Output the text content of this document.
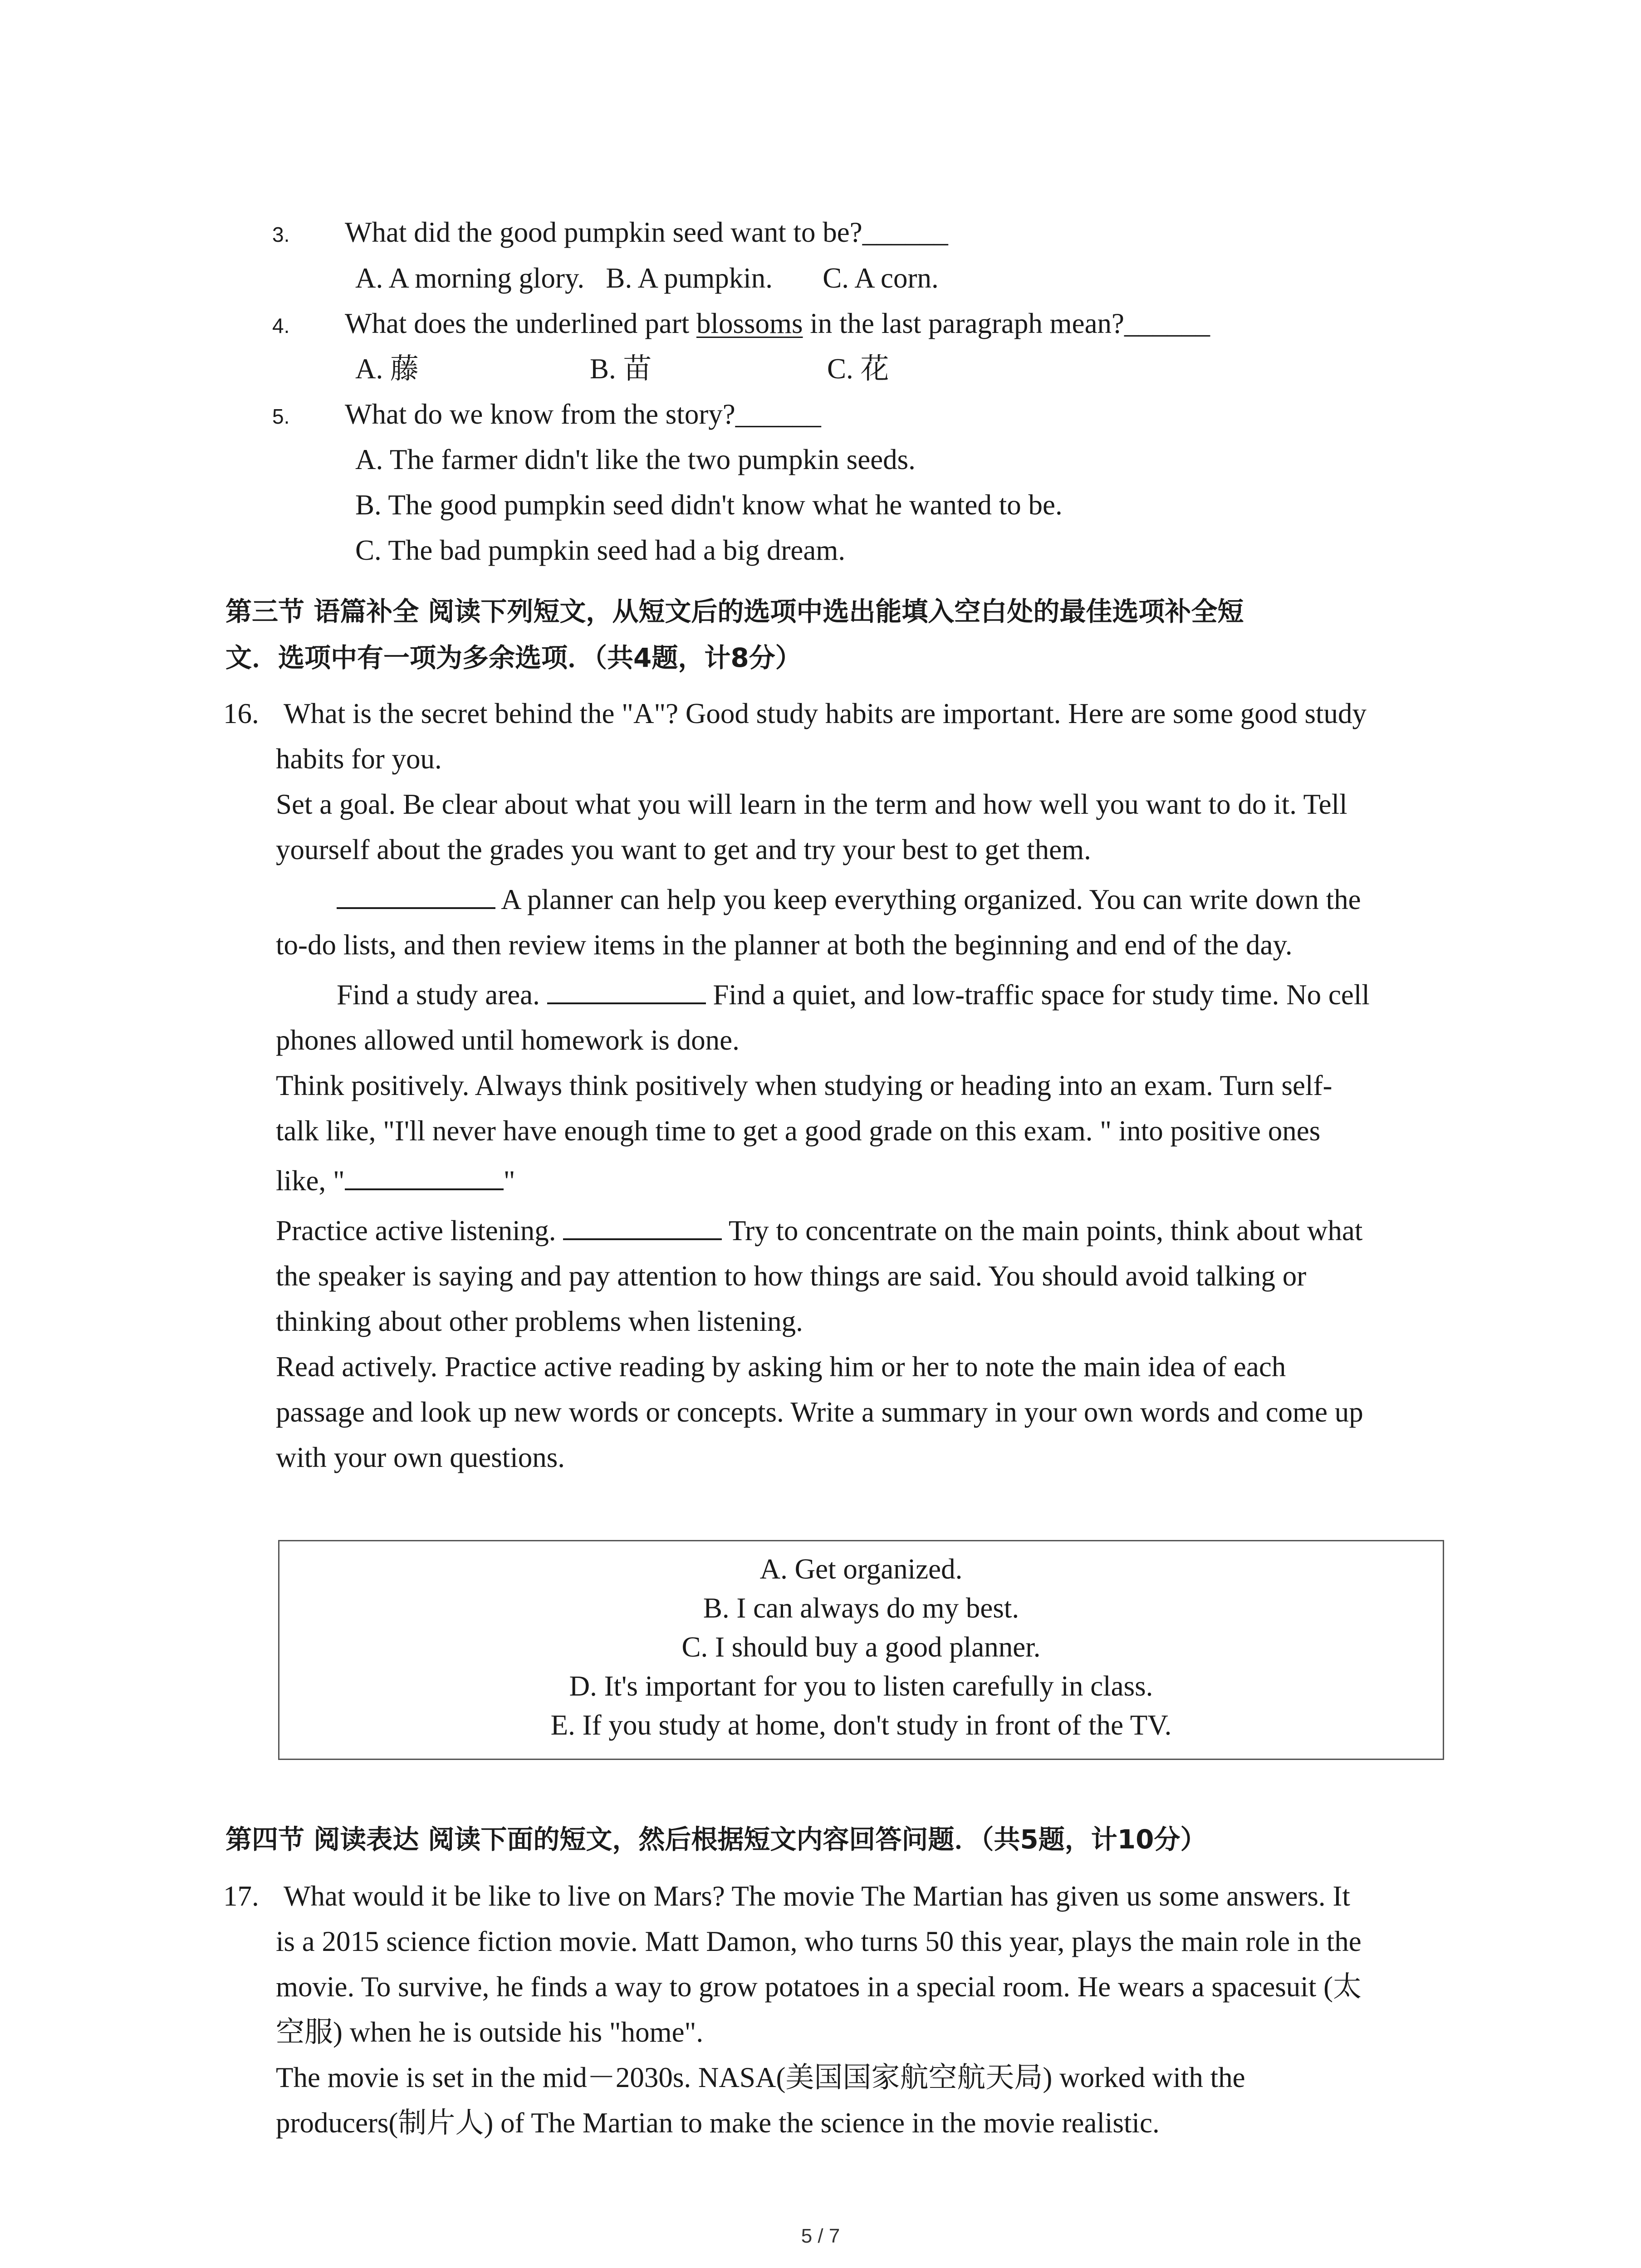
3. What did the good pumpkin seed want to be?______
A. A morning glory.   B. A pumpkin.       C. A corn.
4. What does the underlined part blossoms in the last paragraph mean?______
A. 藤	B. 苗	C. 花
5. What do we know from the story?______
A. The farmer didn't like the two pumpkin seeds.
B. The good pumpkin seed didn't know what he wanted to be.
C. The bad pumpkin seed had a big dream.
第三节 语篇补全 阅读下列短文，从短文后的选项中选出能填入空白处的最佳选项补全短
文．选项中有一项为多余选项．（共4题，计8分）
16. What is the secret behind the "A"? Good study habits are important. Here are some good study
habits for you.
Set a goal. Be clear about what you will learn in the term and how well you want to do it. Tell
yourself about the grades you want to get and try your best to get them.
A planner can help you keep everything organized. You can write down the
to-do lists, and then review items in the planner at both the beginning and end of the day.
Find a study area.	Find a quiet, and low-traffic space for study time. No cell
phones allowed until homework is done.
Think positively. Always think positively when studying or heading into an exam. Turn self-
talk like, "I'll never have enough time to get a good grade on this exam. " into positive ones
like, "	"
Practice active listening.	Try to concentrate on the main points, think about what
the speaker is saying and pay attention to how things are said. You should avoid talking or
thinking about other problems when listening.
Read actively. Practice active reading by asking him or her to note the main idea of each
passage and look up new words or concepts. Write a summary in your own words and come up
with your own questions.
A. Get organized.
B. I can always do my best.
C. I should buy a good planner.
D. It's important for you to listen carefully in class.
E. If you study at home, don't study in front of the TV.
第四节 阅读表达 阅读下面的短文，然后根据短文内容回答问题．（共5题，计10分）
17. What would it be like to live on Mars? The movie The Martian has given us some answers. It
is a 2015 science fiction movie. Matt Damon, who turns 50 this year, plays the main role in the
movie. To survive, he finds a way to grow potatoes in a special room. He wears a spacesuit (太
空服) when he is outside his "home".
The movie is set in the mid－2030s. NASA(美国国家航空航天局) worked with the
producers(制片人) of The Martian to make the science in the movie realistic.
5 / 7
